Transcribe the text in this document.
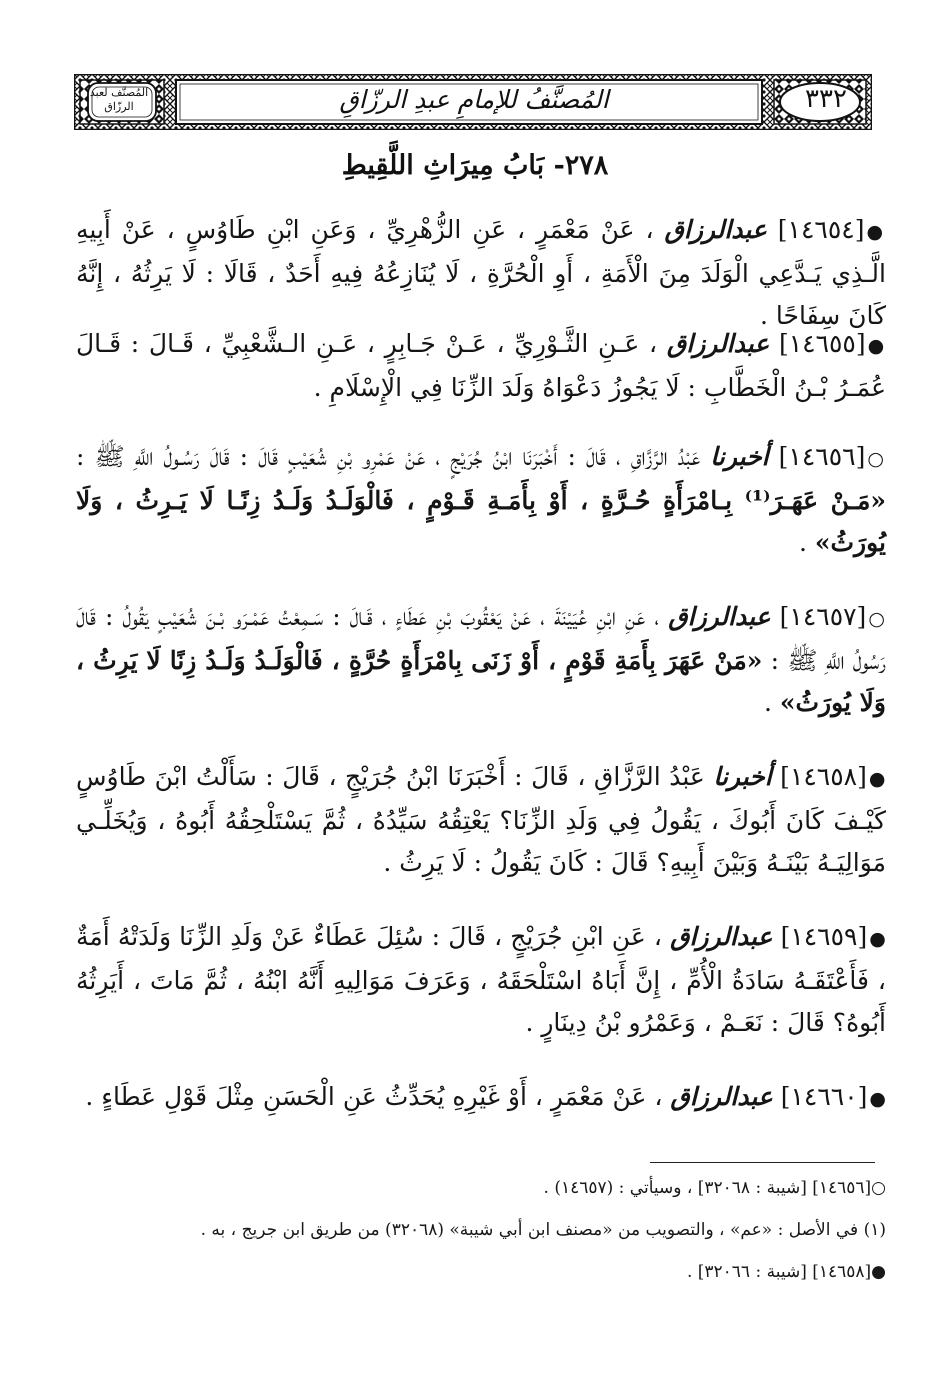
٣٣٢
المُصنَّفُ للإمامِ عبدِ الرزّاقِ
المُصنَّف لعبد الرزّاق
٢٧٨- بَابُ مِيرَاثِ اللَّقِيطِ
●[١٤٦٥٤] عبدالرزاق ، عَنْ مَعْمَرٍ ، عَنِ الزُّهْرِيِّ ، وَعَنِ ابْنِ طَاوُسٍ ، عَنْ أَبِيهِ الَّـذِي يَـدَّعِي الْوَلَدَ مِنَ الْأَمَةِ ، أَوِ الْحُرَّةِ ، لَا يُنَازِعُهُ فِيهِ أَحَدٌ ، قَالَا : لَا يَرِثُهُ ، إِنَّهُ كَانَ سِفَاحًا .
●[١٤٦٥٥] عبدالرزاق ، عَـنِ الثَّـوْرِيِّ ، عَـنْ جَـابِرٍ ، عَـنِ الـشَّعْبِيِّ ، قَـالَ : قَـالَ عُمَـرُ بْـنُ الْخَطَّابِ : لَا يَجُوزُ دَعْوَاهُ وَلَدَ الزِّنَا فِي الْإِسْلَامِ .
○[١٤٦٥٦] أخبرنا عَبْدُ الرَّزَّاقِ ، قَالَ : أَخْبَرَنَا ابْنُ جُرَيْجٍ ، عَنْ عَمْرِو بْنِ شُعَيْبٍ قَالَ : قَالَ رَسُـولُ اللَّهِ ﷺ : «مَـنْ عَهَـرَ⁽¹⁾ بِـامْرَأَةٍ حُـرَّةٍ ، أَوْ بِأَمَـةِ قَـوْمٍ ، فَالْوَلَـدُ وَلَـدُ زِنًـا لَا يَـرِثُ ، وَلَا يُورَثُ» .
○[١٤٦٥٧] عبدالرزاق ، عَنِ ابْنِ عُيَيْنَةَ ، عَنْ يَعْقُوبَ بْنِ عَطَاءٍ ، قَـالَ : سَـمِعْتُ عَمْـرَو بْـنَ شُعَيْبٍ يَقُولُ : قَالَ رَسُولُ اللَّهِ ﷺ : «مَنْ عَهَرَ بِأَمَةِ قَوْمٍ ، أَوْ زَنَى بِامْرَأَةٍ حُرَّةٍ ، فَالْوَلَـدُ وَلَـدُ زِنًا لَا يَرِثُ ، وَلَا يُورَثُ» .
●[١٤٦٥٨] أخبرنا عَبْدُ الرَّزَّاقِ ، قَالَ : أَخْبَرَنَا ابْنُ جُرَيْجٍ ، قَالَ : سَأَلْتُ ابْنَ طَاوُسٍ كَيْـفَ كَانَ أَبُوكَ ، يَقُولُ فِي وَلَدِ الزِّنَا؟ يَعْتِقُهُ سَيِّدُهُ ، ثُمَّ يَسْتَلْحِقُهُ أَبُوهُ ، وَيُخَلِّـي مَوَالِيَـهُ بَيْنَـهُ وَبَيْنَ أَبِيهِ؟ قَالَ : كَانَ يَقُولُ : لَا يَرِثُ .
●[١٤٦٥٩] عبدالرزاق ، عَنِ ابْنِ جُرَيْجٍ ، قَالَ : سُئِلَ عَطَاءٌ عَنْ وَلَدِ الزِّنَا وَلَدَتْهُ أَمَةٌ ، فَأَعْتَقَـهُ سَادَةُ الْأُمِّ ، إِنَّ أَبَاهُ اسْتَلْحَقَهُ ، وَعَرَفَ مَوَالِيهِ أَنَّهُ ابْنُهُ ، ثُمَّ مَاتَ ، أَيَرِثُهُ أَبُوهُ؟ قَالَ : نَعَـمْ ، وَعَمْرُو بْنُ دِينَارٍ .
●[١٤٦٦٠] عبدالرزاق ، عَنْ مَعْمَرٍ ، أَوْ غَيْرِهِ يُحَدِّثُ عَنِ الْحَسَنِ مِثْلَ قَوْلِ عَطَاءٍ .
○[١٤٦٥٦] [شيبة : ٣٢٠٦٨] ، وسيأتي : (١٤٦٥٧) .
(١) في الأصل : «عم» ، والتصويب من «مصنف ابن أبي شيبة» (٣٢٠٦٨) من طريق ابن جريج ، به .
●[١٤٦٥٨] [شيبة : ٣٢٠٦٦] .
